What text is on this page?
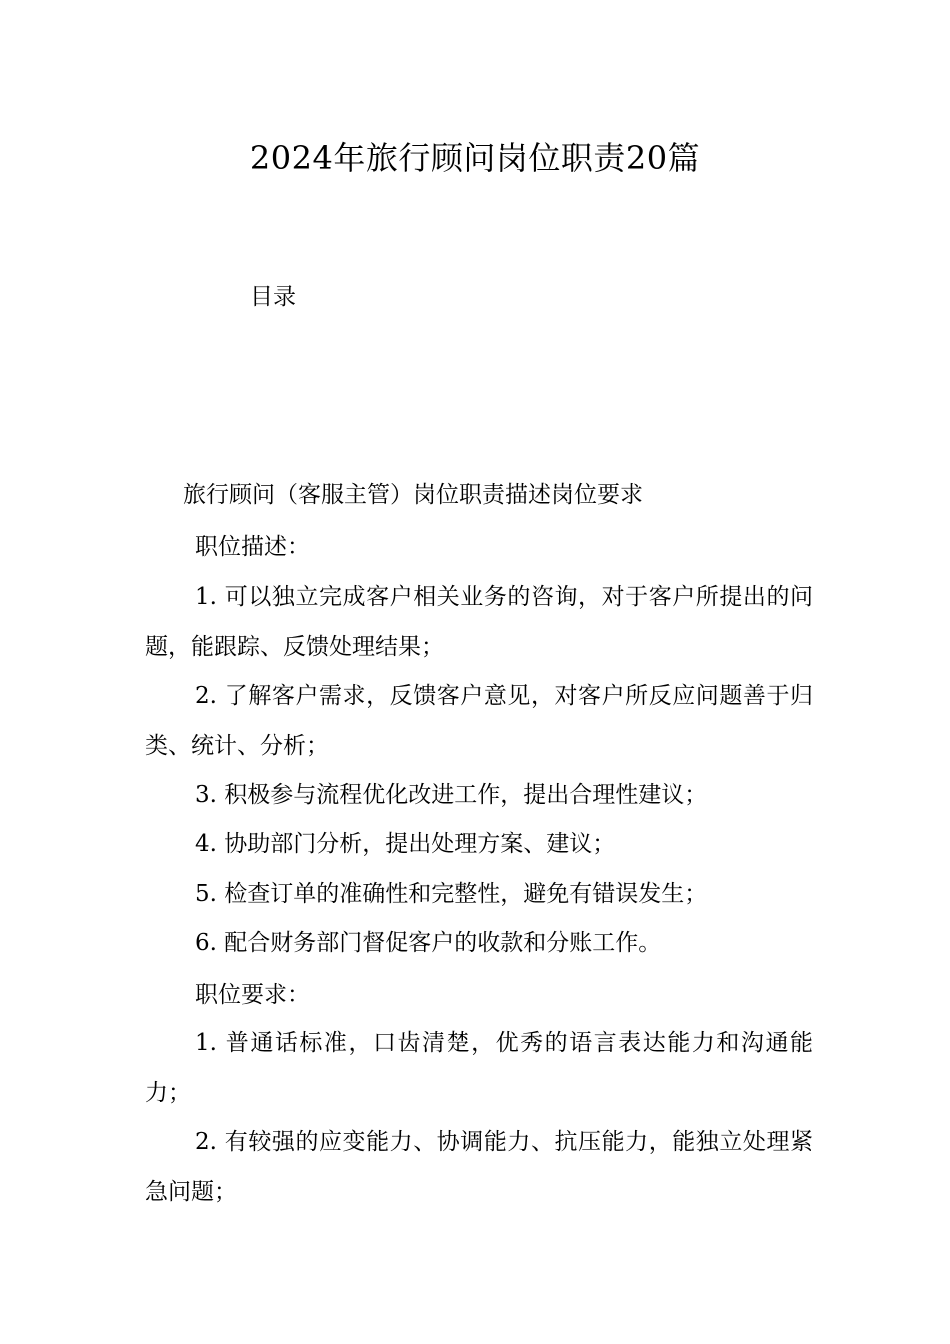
2024年旅行顾问岗位职责20篇
目录
旅行顾问（客服主管）岗位职责描述岗位要求
职位描述：
1. 可以独立完成客户相关业务的咨询，对于客户所提出的问题，能跟踪、反馈处理结果；
2. 了解客户需求，反馈客户意见，对客户所反应问题善于归类、统计、分析；
3. 积极参与流程优化改进工作，提出合理性建议；
4. 协助部门分析，提出处理方案、建议；
5. 检查订单的准确性和完整性，避免有错误发生；
6. 配合财务部门督促客户的收款和分账工作。
职位要求：
1. 普通话标准，口齿清楚，优秀的语言表达能力和沟通能力；
2. 有较强的应变能力、协调能力、抗压能力，能独立处理紧急问题；
